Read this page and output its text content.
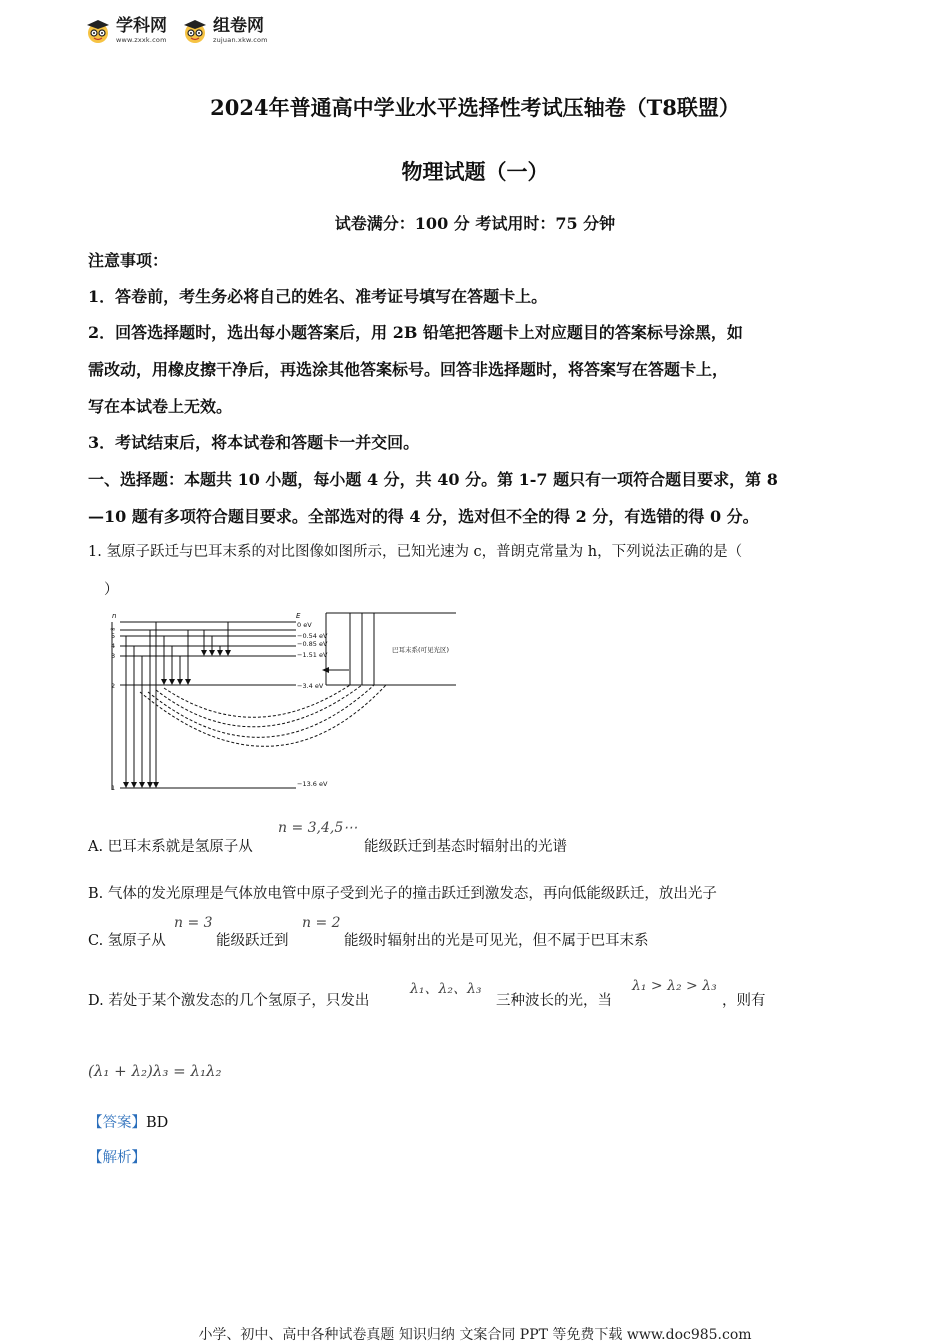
学科网
www.zxxk.com
组卷网
zujuan.xkw.com
2024年普通高中学业水平选择性考试压轴卷（T8联盟）
物理试题（一）
试卷满分：100 分 考试用时：75 分钟
注意事项：
1．答卷前，考生务必将自己的姓名、准考证号填写在答题卡上。
2．回答选择题时，选出每小题答案后，用 2B 铅笔把答题卡上对应题目的答案标号涂黑，如
需改动，用橡皮擦干净后，再选涂其他答案标号。回答非选择题时，将答案写在答题卡上，
写在本试卷上无效。
3．考试结束后，将本试卷和答题卡一并交回。
一、选择题：本题共 10 小题，每小题 4 分，共 40 分。第 1-7 题只有一项符合题目要求，第 8
—10 题有多项符合题目要求。全部选对的得 4 分，选对但不全的得 2 分，有选错的得 0 分。
1. 氢原子跃迁与巴耳末系的对比图像如图所示，已知光速为 c，普朗克常量为 h，下列说法正确的是（
）
n	E
∞
5
4
3
2
1
0 eV
−0.54 eV
−0.85 eV
−1.51 eV
−3.4 eV
−13.6 eV
巴耳末系(可见光区)
A. 巴耳末系就是氢原子从
n = 3,4,5⋯
能级跃迁到基态时辐射出的光谱
B. 气体的发光原理是气体放电管中原子受到光子的撞击跃迁到激发态，再向低能级跃迁，放出光子
C. 氢原子从
n = 3
能级跃迁到
n = 2
能级时辐射出的光是可见光，但不属于巴耳末系
D. 若处于某个激发态的几个氢原子，只发出
λ₁、λ₂、λ₃
三种波长的光，当
λ₁ > λ₂ > λ₃
，则有
(λ₁ + λ₂)λ₃ = λ₁λ₂
【答案】BD
【解析】
小学、初中、高中各种试卷真题 知识归纳 文案合同 PPT 等免费下载 www.doc985.com
